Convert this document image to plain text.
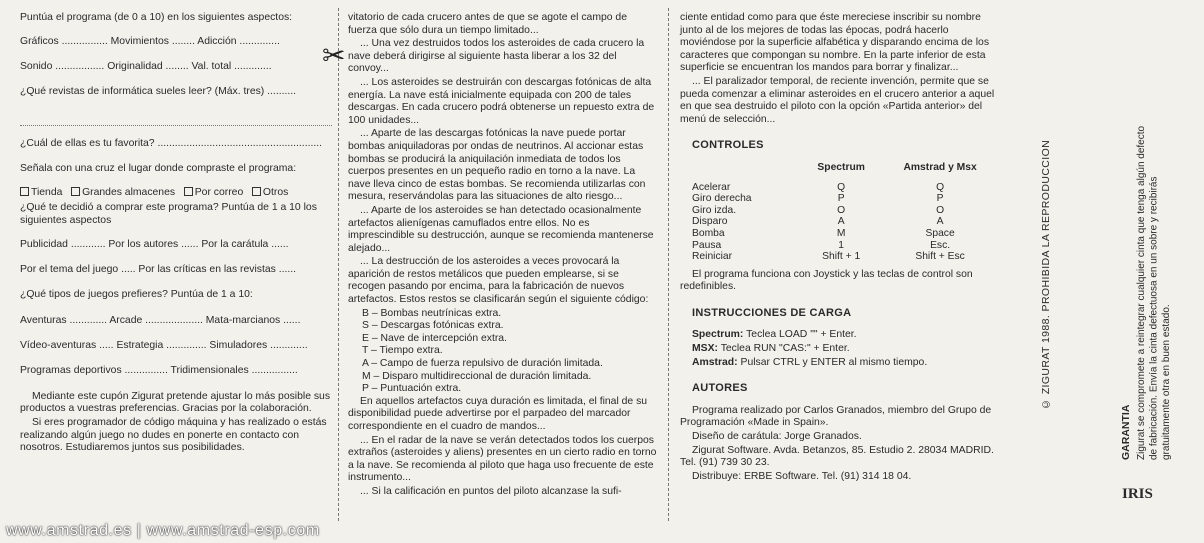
Puntúa el programa (de 0 a 10) en los siguientes aspectos:
Gráficos ................ Movimientos ........ Adicción ..............
Sonido ................. Originalidad ........ Val. total .............
¿Qué revistas de informática sueles leer? (Máx. tres) ..........
¿Cuál de ellas es tu favorita? .........................................................
Señala con una cruz el lugar donde compraste el programa:
Tienda Grandes almacenes Por correo Otros
¿Qué te decidió a comprar este programa? Puntúa de 1 a 10 los siguientes aspectos
Publicidad ............ Por los autores ...... Por la carátula ......
Por el tema del juego ..... Por las críticas en las revistas ......
¿Qué tipos de juegos prefieres? Puntúa de 1 a 10:
Aventuras ............. Arcade .................... Mata-marcianos ......
Vídeo-aventuras ..... Estrategia .............. Simuladores .............
Programas deportivos ............... Tridimensionales ................

Mediante este cupón Zigurat pretende ajustar lo más posible sus productos a vuestras preferencias. Gracias por la colaboración.

Si eres programador de código máquina y has realizado o estás realizando algún juego no dudes en ponerte en contacto con nosotros. Estudiaremos juntos sus posibilidades.

✂

vitatorio de cada crucero antes de que se agote el campo de fuerza que sólo dura un tiempo limitado...

... Una vez destruidos todos los asteroides de cada crucero la nave deberá dirigirse al siguiente hasta liberar a los 32 del convoy...

... Los asteroides se destruirán con descargas fotónicas de alta energía. La nave está inicialmente equipada con 200 de tales descargas. En cada crucero podrá obtenerse un repuesto extra de 100 unidades...

... Aparte de las descargas fotónicas la nave puede portar bombas aniquiladoras por ondas de neutrinos. Al accionar estas bombas se producirá la aniquilación inmediata de todos los cuerpos presentes en un pequeño radio en torno a la nave. La nave lleva cinco de estas bombas. Se recomienda utilizarlas con mesura, reservándolas para las situaciones de alto riesgo...

... Aparte de los asteroides se han detectado ocasionalmente artefactos alienígenas camuflados entre ellos. No es imprescindible su destrucción, aunque se recomienda mantenerse alejado...

... La destrucción de los asteroides a veces provocará la aparición de restos metálicos que pueden emplearse, si se recogen pasando por encima, para la fabricación de nuevos artefactos. Estos restos se clasificarán según el siguiente código:

B – Bombas neutrínicas extra.
S – Descargas fotónicas extra.
E – Nave de intercepción extra.
T – Tiempo extra.
A – Campo de fuerza repulsivo de duración limitada.
M – Disparo multidireccional de duración limitada.
P – Puntuación extra.

En aquellos artefactos cuya duración es limitada, el final de su disponibilidad puede advertirse por el parpadeo del marcador correspondiente en el cuadro de mandos...

... En el radar de la nave se verán detectados todos los cuerpos extraños (asteroides y aliens) presentes en un cierto radio en torno a la nave. Se recomienda al piloto que haga uso frecuente de este instrumento...

... Si la calificación en puntos del piloto alcanzase la sufi-

ciente entidad como para que éste mereciese inscribir su nombre junto al de los mejores de todas las épocas, podrá hacerlo moviéndose por la superficie alfabética y disparando encima de los caracteres que compongan su nombre. En la parte inferior de esta superficie se encuentran los mandos para borrar y finalizar...

... El paralizador temporal, de reciente invención, permite que se pueda comenzar a eliminar asteroides en el crucero anterior a aquel en que sea destruido el piloto con la opción «Partida anterior» del menú de selección...

CONTROLES
	Spectrum	Amstrad y Msx
Acelerar	Q	Q
Giro derecha	P	P
Giro izda.	O	O
Disparo	A	A
Bomba	M	Space
Pausa	1	Esc.
Reiniciar	Shift + 1	Shift + Esc

El programa funciona con Joystick y las teclas de control son redefinibles.

INSTRUCCIONES DE CARGA

Spectrum: Teclea LOAD "" + Enter.

MSX: Teclea RUN "CAS:" + Enter.

Amstrad: Pulsar CTRL y ENTER al mismo tiempo.

AUTORES

Programa realizado por Carlos Granados, miembro del Grupo de Programación «Made in Spain».

Diseño de carátula: Jorge Granados.

Zigurat Software. Avda. Betanzos, 85. Estudio 2. 28034 MADRID. Tel. (91) 739 30 23.

Distribuye: ERBE Software. Tel. (91) 314 18 04.

© ZIGURAT 1988. PROHIBIDA LA REPRODUCCION
GARANTIA Zigurat se compromete a reintegrar cualquier cinta que tenga algún defecto de fabricación. Envía la cinta defectuosa en un sobre y recibirás gratuitamente otra en buen estado.
IRIS
www.amstrad.es | www.amstrad-esp.com
